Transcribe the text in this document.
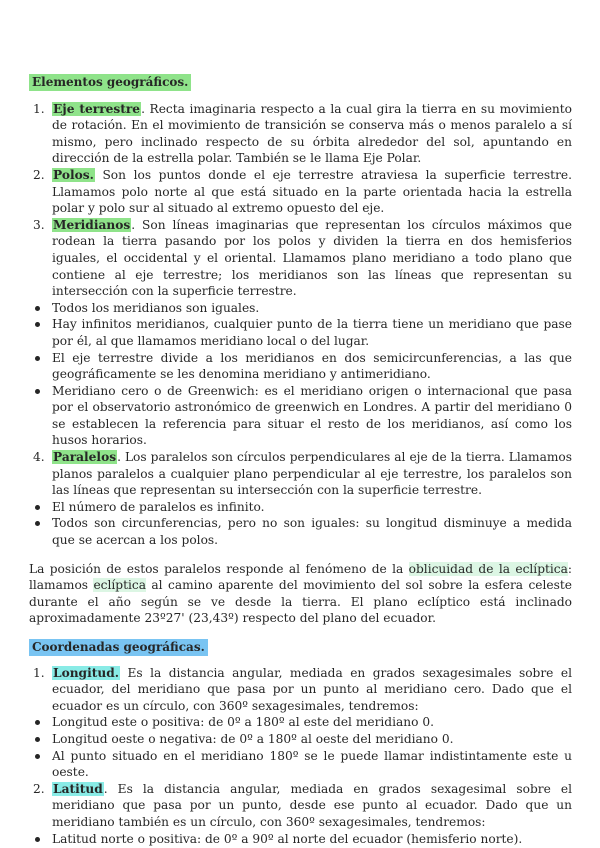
Elementos geográficos.
1. Eje terrestre. Recta imaginaria respecto a la cual gira la tierra en su movimiento de rotación. En el movimiento de transición se conserva más o menos paralelo a sí mismo, pero inclinado respecto de su órbita alrededor del sol, apuntando en dirección de la estrella polar. También se le llama Eje Polar.
2. Polos. Son los puntos donde el eje terrestre atraviesa la superficie terrestre. Llamamos polo norte al que está situado en la parte orientada hacia la estrella polar y polo sur al situado al extremo opuesto del eje.
3. Meridianos. Son líneas imaginarias que representan los círculos máximos que rodean la tierra pasando por los polos y dividen la tierra en dos hemisferios iguales, el occidental y el oriental. Llamamos plano meridiano a todo plano que contiene al eje terrestre; los meridianos son las líneas que representan su intersección con la superficie terrestre.
Todos los meridianos son iguales.
Hay infinitos meridianos, cualquier punto de la tierra tiene un meridiano que pase por él, al que llamamos meridiano local o del lugar.
El eje terrestre divide a los meridianos en dos semicircunferencias, a las que geográficamente se les denomina meridiano y antimeridiano.
Meridiano cero o de Greenwich: es el meridiano origen o internacional que pasa por el observatorio astronómico de greenwich en Londres. A partir del meridiano 0 se establecen la referencia para situar el resto de los meridianos, así como los husos horarios.
4. Paralelos. Los paralelos son círculos perpendiculares al eje de la tierra. Llamamos planos paralelos a cualquier plano perpendicular al eje terrestre, los paralelos son las líneas que representan su intersección con la superficie terrestre.
El número de paralelos es infinito.
Todos son circunferencias, pero no son iguales: su longitud disminuye a medida que se acercan a los polos.
La posición de estos paralelos responde al fenómeno de la oblicuidad de la eclíptica: llamamos eclíptica al camino aparente del movimiento del sol sobre la esfera celeste durante el año según se ve desde la tierra. El plano eclíptico está inclinado aproximadamente 23º27' (23,43º) respecto del plano del ecuador.
Coordenadas geográficas.
1. Longitud. Es la distancia angular, mediada en grados sexagesimales sobre el ecuador, del meridiano que pasa por un punto al meridiano cero. Dado que el ecuador es un círculo, con 360º sexagesimales, tendremos:
Longitud este o positiva: de 0º a 180º al este del meridiano 0.
Longitud oeste o negativa: de 0º a 180º al oeste del meridiano 0.
Al punto situado en el meridiano 180º se le puede llamar indistintamente este u oeste.
2. Latitud. Es la distancia angular, mediada en grados sexagesimal sobre el meridiano que pasa por un punto, desde ese punto al ecuador. Dado que un meridiano también es un círculo, con 360º sexagesimales, tendremos:
Latitud norte o positiva: de 0º a 90º al norte del ecuador (hemisferio norte).
